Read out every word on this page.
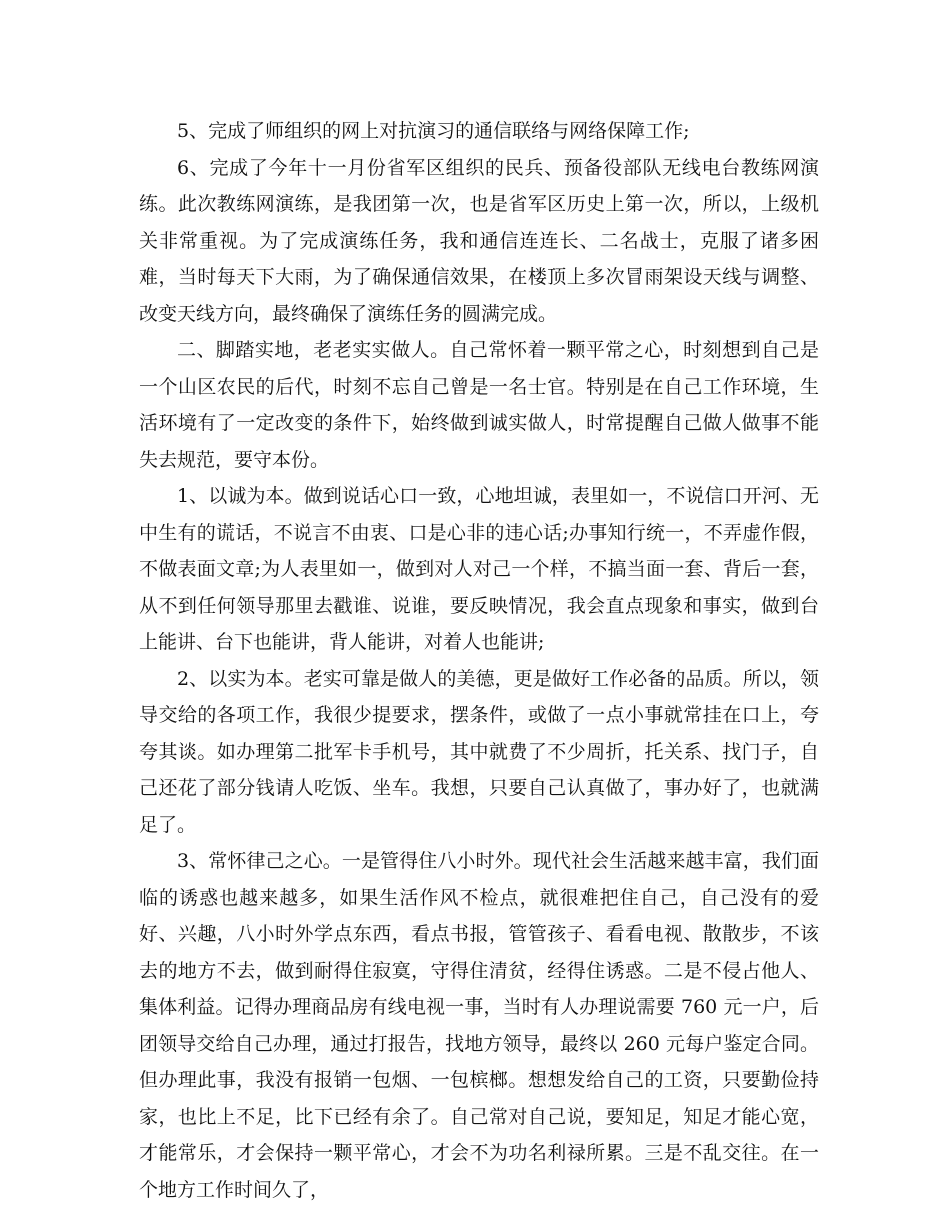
5、完成了师组织的网上对抗演习的通信联络与网络保障工作;

6、完成了今年十一月份省军区组织的民兵、预备役部队无线电台教练网演练。此次教练网演练，是我团第一次，也是省军区历史上第一次，所以，上级机关非常重视。为了完成演练任务，我和通信连连长、二名战士，克服了诸多困难，当时每天下大雨，为了确保通信效果，在楼顶上多次冒雨架设天线与调整、改变天线方向，最终确保了演练任务的圆满完成。

二、脚踏实地，老老实实做人。自己常怀着一颗平常之心，时刻想到自己是一个山区农民的后代，时刻不忘自己曾是一名士官。特别是在自己工作环境，生活环境有了一定改变的条件下，始终做到诚实做人，时常提醒自己做人做事不能失去规范，要守本份。

1、以诚为本。做到说话心口一致，心地坦诚，表里如一，不说信口开河、无中生有的谎话，不说言不由衷、口是心非的违心话;办事知行统一，不弄虚作假，不做表面文章;为人表里如一，做到对人对己一个样，不搞当面一套、背后一套，从不到任何领导那里去戳谁、说谁，要反映情况，我会直点现象和事实，做到台上能讲、台下也能讲，背人能讲，对着人也能讲;

2、以实为本。老实可靠是做人的美德，更是做好工作必备的品质。所以，领导交给的各项工作，我很少提要求，摆条件，或做了一点小事就常挂在口上，夸夸其谈。如办理第二批军卡手机号，其中就费了不少周折，托关系、找门子，自己还花了部分钱请人吃饭、坐车。我想，只要自己认真做了，事办好了，也就满足了。

3、常怀律己之心。一是管得住八小时外。现代社会生活越来越丰富，我们面临的诱惑也越来越多，如果生活作风不检点，就很难把住自己，自己没有的爱好、兴趣，八小时外学点东西，看点书报，管管孩子、看看电视、散散步，不该去的地方不去，做到耐得住寂寞，守得住清贫，经得住诱惑。二是不侵占他人、集体利益。记得办理商品房有线电视一事，当时有人办理说需要 760 元一户，后团领导交给自己办理，通过打报告，找地方领导，最终以 260 元每户鉴定合同。但办理此事，我没有报销一包烟、一包槟榔。想想发给自己的工资，只要勤俭持家，也比上不足，比下已经有余了。自己常对自己说，要知足，知足才能心宽，才能常乐，才会保持一颗平常心，才会不为功名利禄所累。三是不乱交往。在一个地方工作时间久了，
